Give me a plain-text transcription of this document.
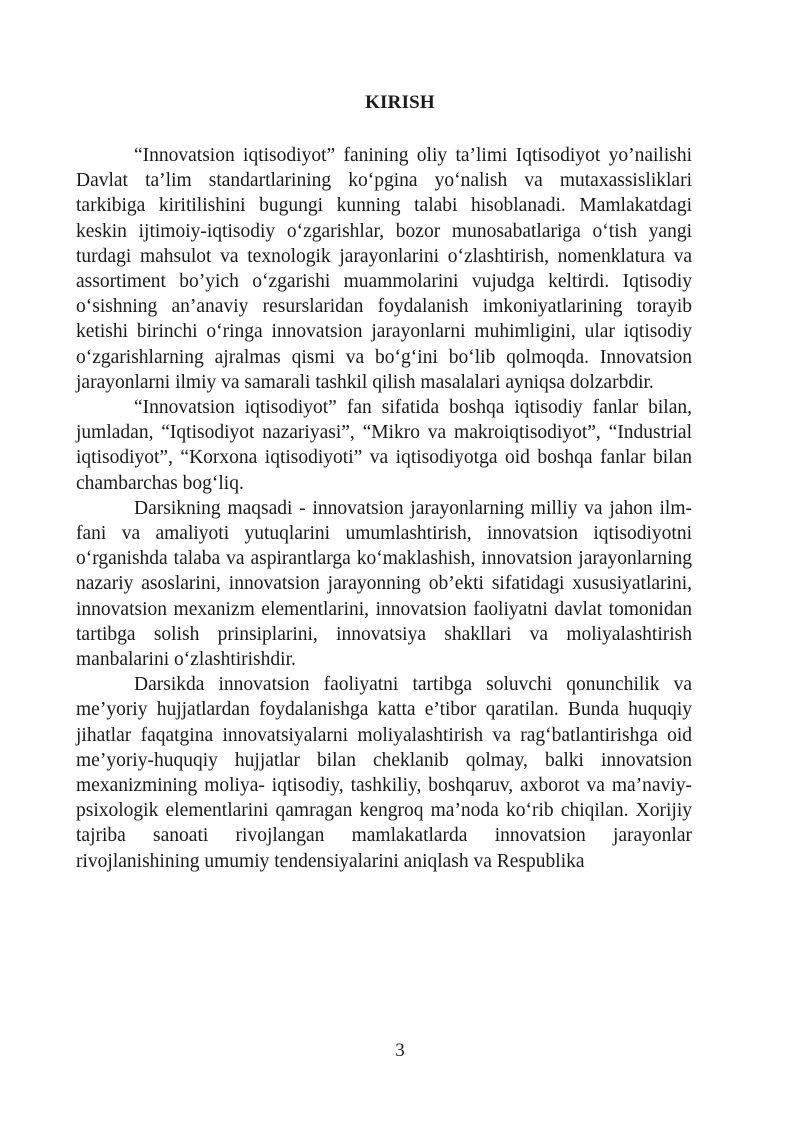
KIRISH

“Innovatsion iqtisodiyot” fanining oliy ta’limi Iqtisodiyot yo’nailishi Davlat ta’lim standartlarining ko‘pgina yo‘nalish va mutaxassisliklari tarkibiga kiritilishini bugungi kunning talabi hisoblanadi. Mamlakatdagi keskin ijtimoiy-iqtisodiy o‘zgarishlar, bozor munosabatlariga o‘tish yangi turdagi mahsulot va texnologik jarayonlarini o‘zlashtirish, nomenklatura va assortiment bo’yich o‘zgarishi muammolarini vujudga keltirdi. Iqtisodiy o‘sishning an’anaviy resurslaridan foydalanish imkoniyatlarining torayib ketishi birinchi o‘ringa innovatsion jarayonlarni muhimligini, ular iqtisodiy o‘zgarishlarning ajralmas qismi va bo‘g‘ini bo‘lib qolmoqda. Innovatsion jarayonlarni ilmiy va samarali tashkil qilish masalalari ayniqsa dolzarbdir.

“Innovatsion iqtisodiyot” fan sifatida boshqa iqtisodiy fanlar bilan, jumladan, “Iqtisodiyot nazariyasi”, “Mikro va makroiqtisodiyot”, “Industrial iqtisodiyot”, “Korxona iqtisodiyoti” va iqtisodiyotga oid boshqa fanlar bilan chambarchas bog‘liq.

Darsikning maqsadi - innovatsion jarayonlarning milliy va jahon ilm-fani va amaliyoti yutuqlarini umumlashtirish, innovatsion iqtisodiyotni o‘rganishda talaba va aspirantlarga ko‘maklashish, innovatsion jarayonlarning nazariy asoslarini, innovatsion jarayonning ob’ekti sifatidagi xususiyatlarini, innovatsion mexanizm elementlarini, innovatsion faoliyatni davlat tomonidan tartibga solish prinsiplarini, innovatsiya shakllari va moliyalashtirish manbalarini o‘zlashtirishdir.

Darsikda innovatsion faoliyatni tartibga soluvchi qonunchilik va me’yoriy hujjatlardan foydalanishga katta e’tibor qaratilan. Bunda huquqiy jihatlar faqatgina innovatsiyalarni moliyalashtirish va rag‘batlantirishga oid me’yoriy-huquqiy hujjatlar bilan cheklanib qolmay, balki innovatsion mexanizmining moliya- iqtisodiy, tashkiliy, boshqaruv, axborot va ma’naviy-psixologik elementlarini qamragan kengroq ma’noda ko‘rib chiqilan. Xorijiy tajriba sanoati rivojlangan mamlakatlarda innovatsion jarayonlar rivojlanishining umumiy tendensiyalarini aniqlash va Respublika

3
